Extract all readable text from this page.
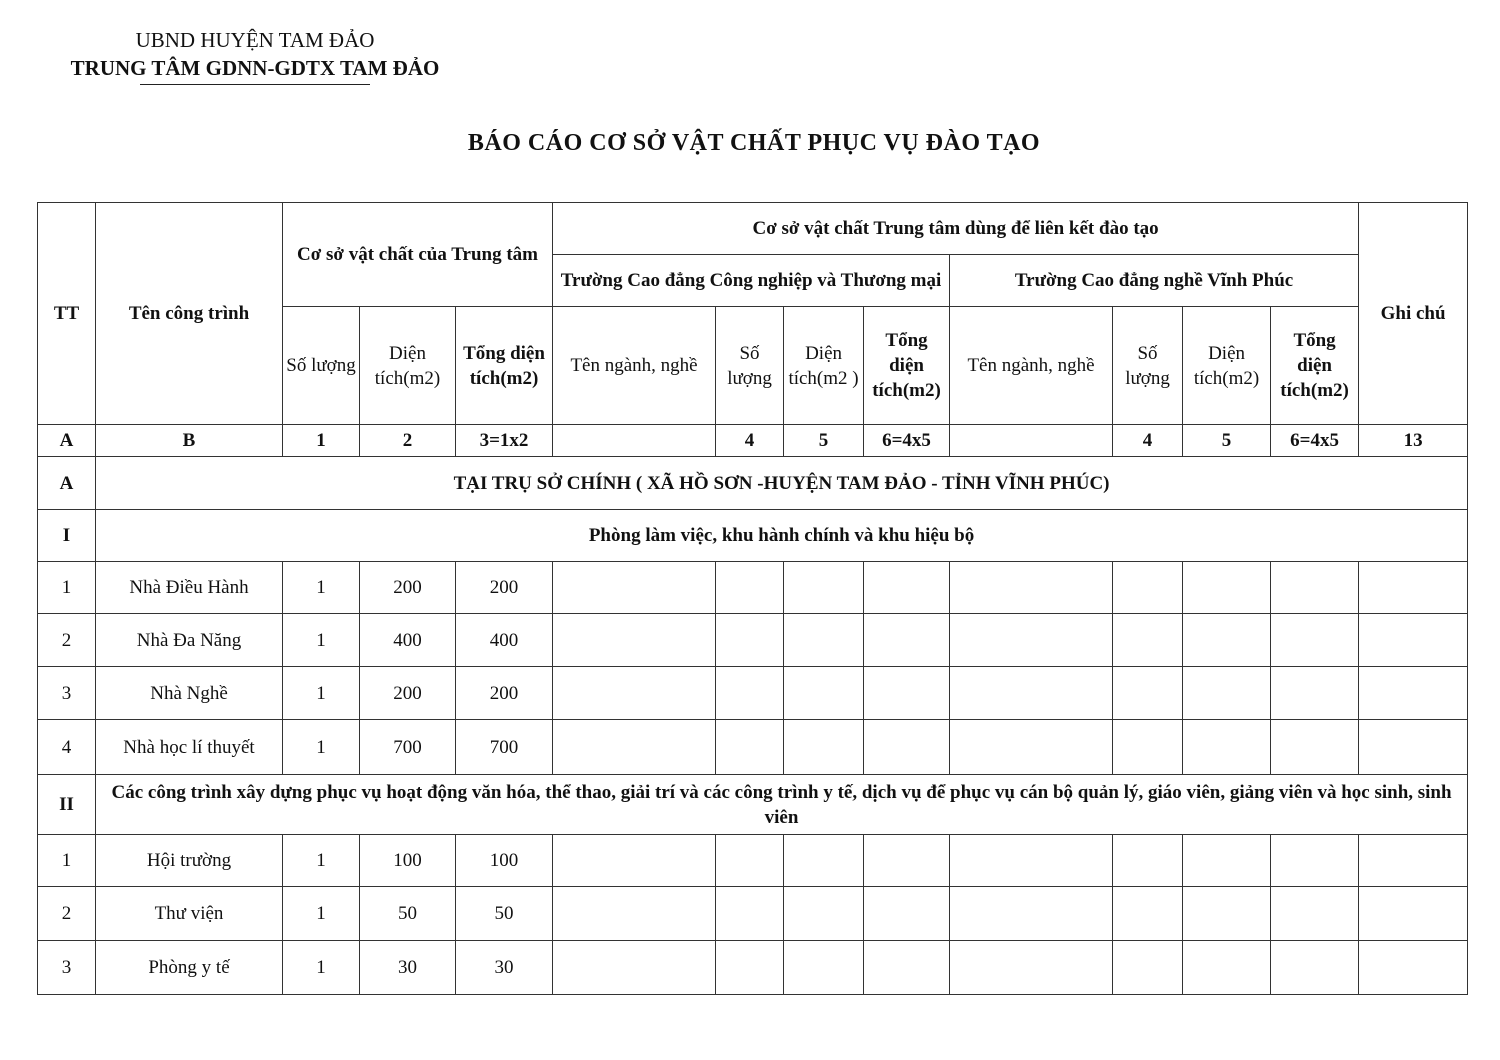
UBND HUYỆN TAM ĐẢO
TRUNG TÂM GDNN-GDTX TAM ĐẢO
BÁO CÁO CƠ SỞ VẬT CHẤT PHỤC VỤ ĐÀO TẠO
TT	Tên công trình	Cơ sở vật chất của Trung tâm			Cơ sở vật chất Trung tâm dùng để liên kết đào tạo								Ghi chú
					Trường Cao đẳng Công nghiệp và Thương mại				Trường Cao đẳng nghề Vĩnh Phúc				
		Số lượng	Diện tích(m2)	Tổng diện tích(m2)	Tên ngành, nghề	Số lượng	Diện tích(m2 )	Tổng diện tích(m2)	Tên ngành, nghề	Số lượng	Diện tích(m2)	Tổng diện tích(m2)	
A	B	1	2	3=1x2		4	5	6=4x5		4	5	6=4x5	13
A	TẠI TRỤ SỞ CHÍNH ( XÃ HỒ SƠN -HUYỆN TAM ĐẢO - TỈNH VĨNH PHÚC)												
I	Phòng làm việc, khu hành chính và khu hiệu bộ												
1	Nhà Điều Hành	1	200	200									
2	Nhà Đa Năng	1	400	400									
3	Nhà Nghề	1	200	200									
4	Nhà học lí thuyết	1	700	700									
II	Các công trình xây dựng phục vụ hoạt động văn hóa, thể thao, giải trí và các công trình y tế, dịch vụ để phục vụ cán bộ quản lý, giáo viên, giảng viên và học sinh, sinh viên												
1	Hội trường	1	100	100									
2	Thư viện	1	50	50									
3	Phòng y tế	1	30	30									
